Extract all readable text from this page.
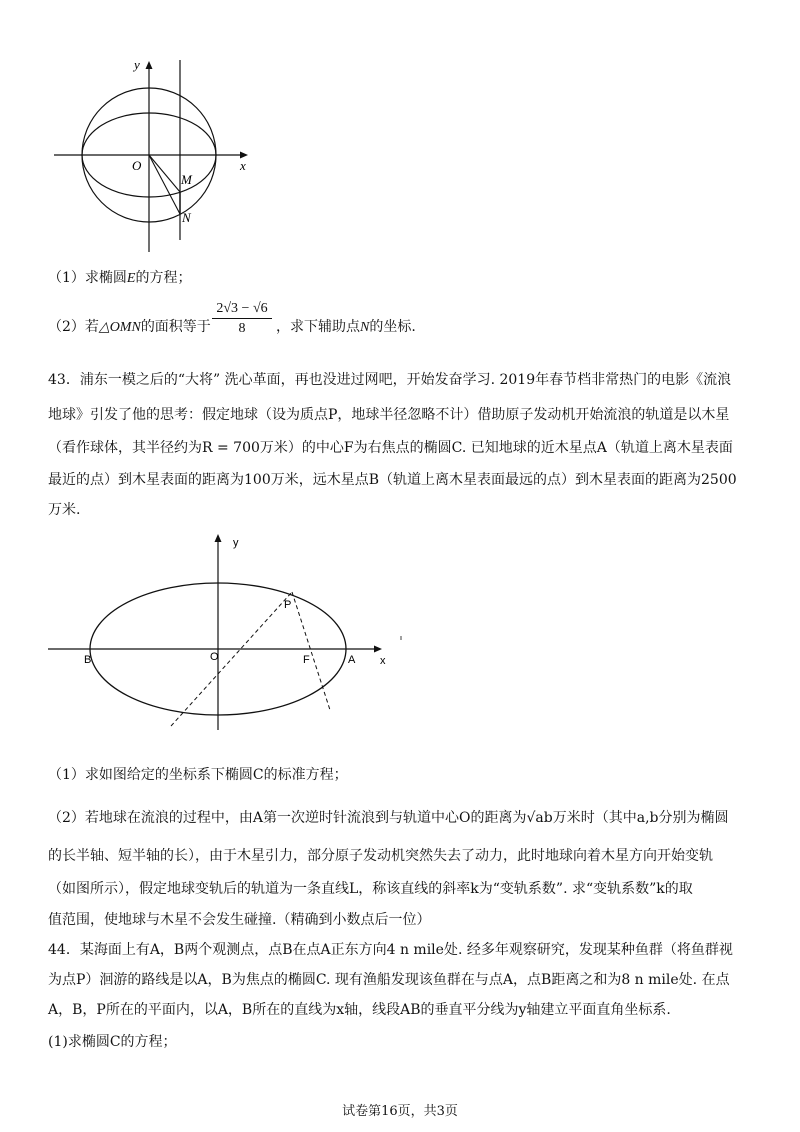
y
x
O
M
N
（1）求椭圆E的方程；
（2）若△OMN的面积等于 $\frac{2√3 - √6}{8}$ ，求下辅助点N的坐标.
43．浦东一模之后的“大将” 洗心革面，再也没进过网吧，开始发奋学习. 2019年春节档非常热门的电影《流浪
地球》引发了他的思考：假定地球（设为质点P，地球半径忽略不计）借助原子发动机开始流浪的轨道是以木星
（看作球体，其半径约为R = 700万米）的中心F为右焦点的椭圆C. 已知地球的近木星点A（轨道上离木星表面
最近的点）到木星表面的距离为100万米，远木星点B（轨道上离木星表面最远的点）到木星表面的距离为2500
万米.
y
x
O
P
F	A
B
（1）求如图给定的坐标系下椭圆C的标准方程；
（2）若地球在流浪的过程中，由A第一次逆时针流浪到与轨道中心O的距离为√ab万米时（其中a,b分别为椭圆
的长半轴、短半轴的长），由于木星引力，部分原子发动机突然失去了动力，此时地球向着木星方向开始变轨
（如图所示），假定地球变轨后的轨道为一条直线L，称该直线的斜率k为“变轨系数”. 求“变轨系数”k的取
值范围，使地球与木星不会发生碰撞.（精确到小数点后一位）
44．某海面上有A，B两个观测点，点B在点A正东方向4 n mile处. 经多年观察研究，发现某种鱼群（将鱼群视
为点P）洄游的路线是以A，B为焦点的椭圆C. 现有渔船发现该鱼群在与点A，点B距离之和为8 n mile处. 在点
A，B，P所在的平面内，以A，B所在的直线为x轴，线段AB的垂直平分线为y轴建立平面直角坐标系.
(1)求椭圆C的方程；
试卷第16页，共3页
